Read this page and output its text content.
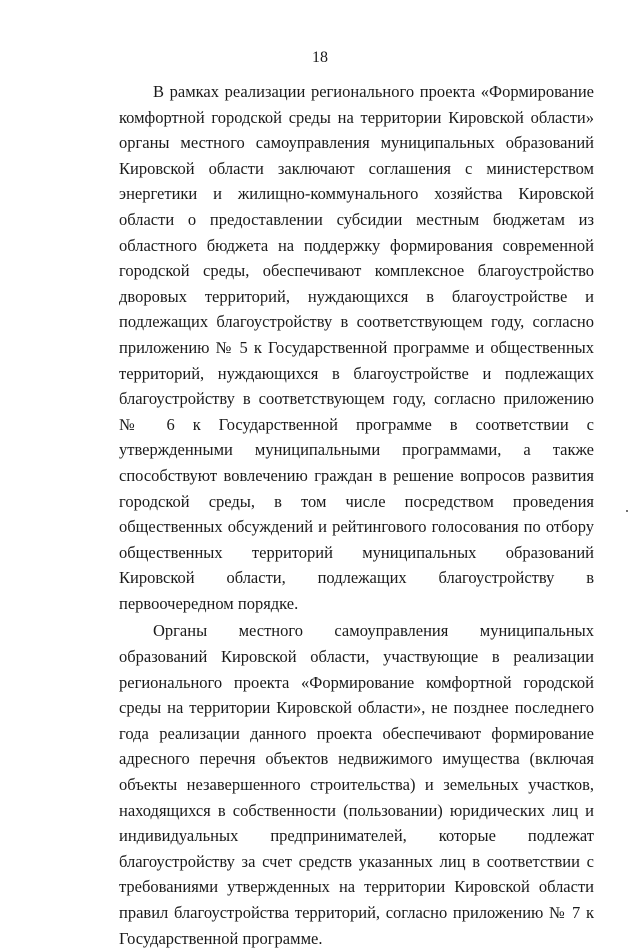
18

В рамках реализации регионального проекта «Формирование комфортной городской среды на территории Кировской области» органы местного самоуправления муниципальных образований Кировской области заключают соглашения с министерством энергетики и жилищно-коммунального хозяйства Кировской области о предоставлении субсидии местным бюджетам из областного бюджета на поддержку формирования современной городской среды, обеспечивают комплексное благоустройство дворовых территорий, нуждающихся в благоустройстве и подлежащих благоустройству в соответствующем году, согласно приложению № 5 к Государственной программе и общественных территорий, нуждающихся в благоустройстве и подлежащих благоустройству в соответствующем году, согласно приложению № 6 к Государственной программе в соответствии с утвержденными муниципальными программами, а также способствуют вовлечению граждан в решение вопросов развития городской среды, в том числе посредством проведения общественных обсуждений и рейтингового голосования по отбору общественных территорий муниципальных образований Кировской области, подлежащих благоустройству в первоочередном порядке.

Органы местного самоуправления муниципальных образований Кировской области, участвующие в реализации регионального проекта «Формирование комфортной городской среды на территории Кировской области», не позднее последнего года реализации данного проекта обеспечивают формирование адресного перечня объектов недвижимого имущества (включая объекты незавершенного строительства) и земельных участков, находящихся в собственности (пользовании) юридических лиц и индивидуальных предпринимателей, которые подлежат благоустройству за счет средств указанных лиц в соответствии с требованиями утвержденных на территории Кировской области правил благоустройства территорий, согласно приложению № 7 к Государственной программе.
